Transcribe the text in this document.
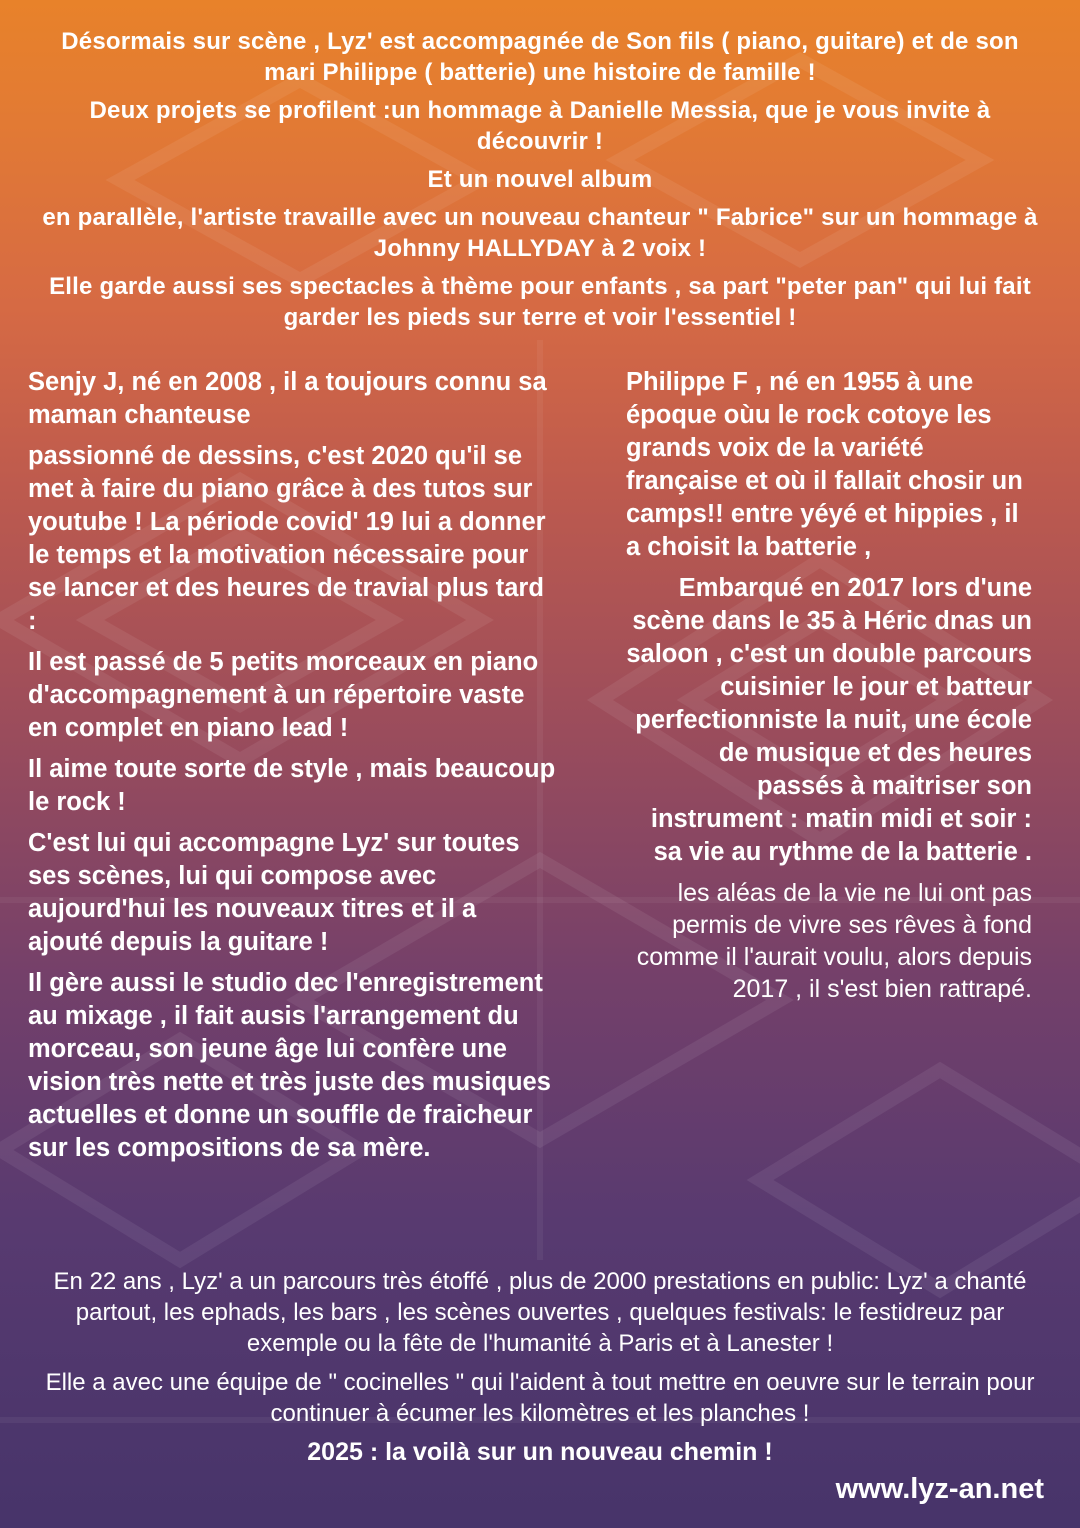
Désormais sur scène , Lyz' est accompagnée de Son fils ( piano, guitare) et de son mari Philippe ( batterie) une histoire de famille !

Deux projets se profilent :un hommage à Danielle Messia, que je vous invite à découvrir !

Et un nouvel album

en parallèle, l'artiste travaille avec un nouveau chanteur " Fabrice" sur un hommage à Johnny HALLYDAY à 2 voix !

Elle garde aussi ses spectacles à thème pour enfants , sa part "peter pan" qui lui fait garder les pieds sur terre et voir l'essentiel !

Senjy J, né en 2008 , il a toujours connu sa maman chanteuse

passionné de dessins, c'est 2020 qu'il se met à faire du piano grâce à des tutos sur youtube ! La période covid' 19 lui a donner le temps et la motivation nécessaire pour se lancer et des heures de travial plus tard :

Il est passé de 5 petits morceaux en piano d'accompagnement à un répertoire vaste en complet en piano lead !

Il aime toute sorte de style , mais beaucoup le rock !

C'est lui qui accompagne Lyz' sur toutes ses scènes, lui qui compose avec aujourd'hui les nouveaux titres et il a ajouté depuis la guitare !

Il gère aussi le studio dec l'enregistrement au mixage , il fait ausis l'arrangement du morceau, son jeune âge lui confère une vision très nette et très juste des musiques actuelles et donne un souffle de fraicheur sur les compositions de sa mère.

Philippe F , né en 1955 à une époque oùu le rock cotoye les grands voix de la variété française et où il fallait chosir un camps!! entre yéyé et hippies , il a choisit la batterie ,

Embarqué en 2017 lors d'une scène dans le 35 à Héric dnas un saloon , c'est un double parcours cuisinier le jour et batteur perfectionniste la nuit, une école de musique et des heures passés à maitriser son instrument : matin midi et soir : sa vie au rythme de la batterie .

les aléas de la vie ne lui ont pas permis de vivre ses rêves à fond comme il l'aurait voulu, alors depuis 2017 , il s'est bien rattrapé.

En 22 ans , Lyz' a un parcours très étoffé , plus de 2000 prestations en public: Lyz' a chanté partout, les ephads, les bars , les scènes ouvertes , quelques festivals: le festidreuz par exemple ou la fête de l'humanité à Paris et à Lanester !

Elle a avec une équipe de " cocinelles " qui l'aident à tout mettre en oeuvre sur le terrain pour continuer à écumer les kilomètres et les planches !

2025 : la voilà sur un nouveau chemin !

www.lyz-an.net
